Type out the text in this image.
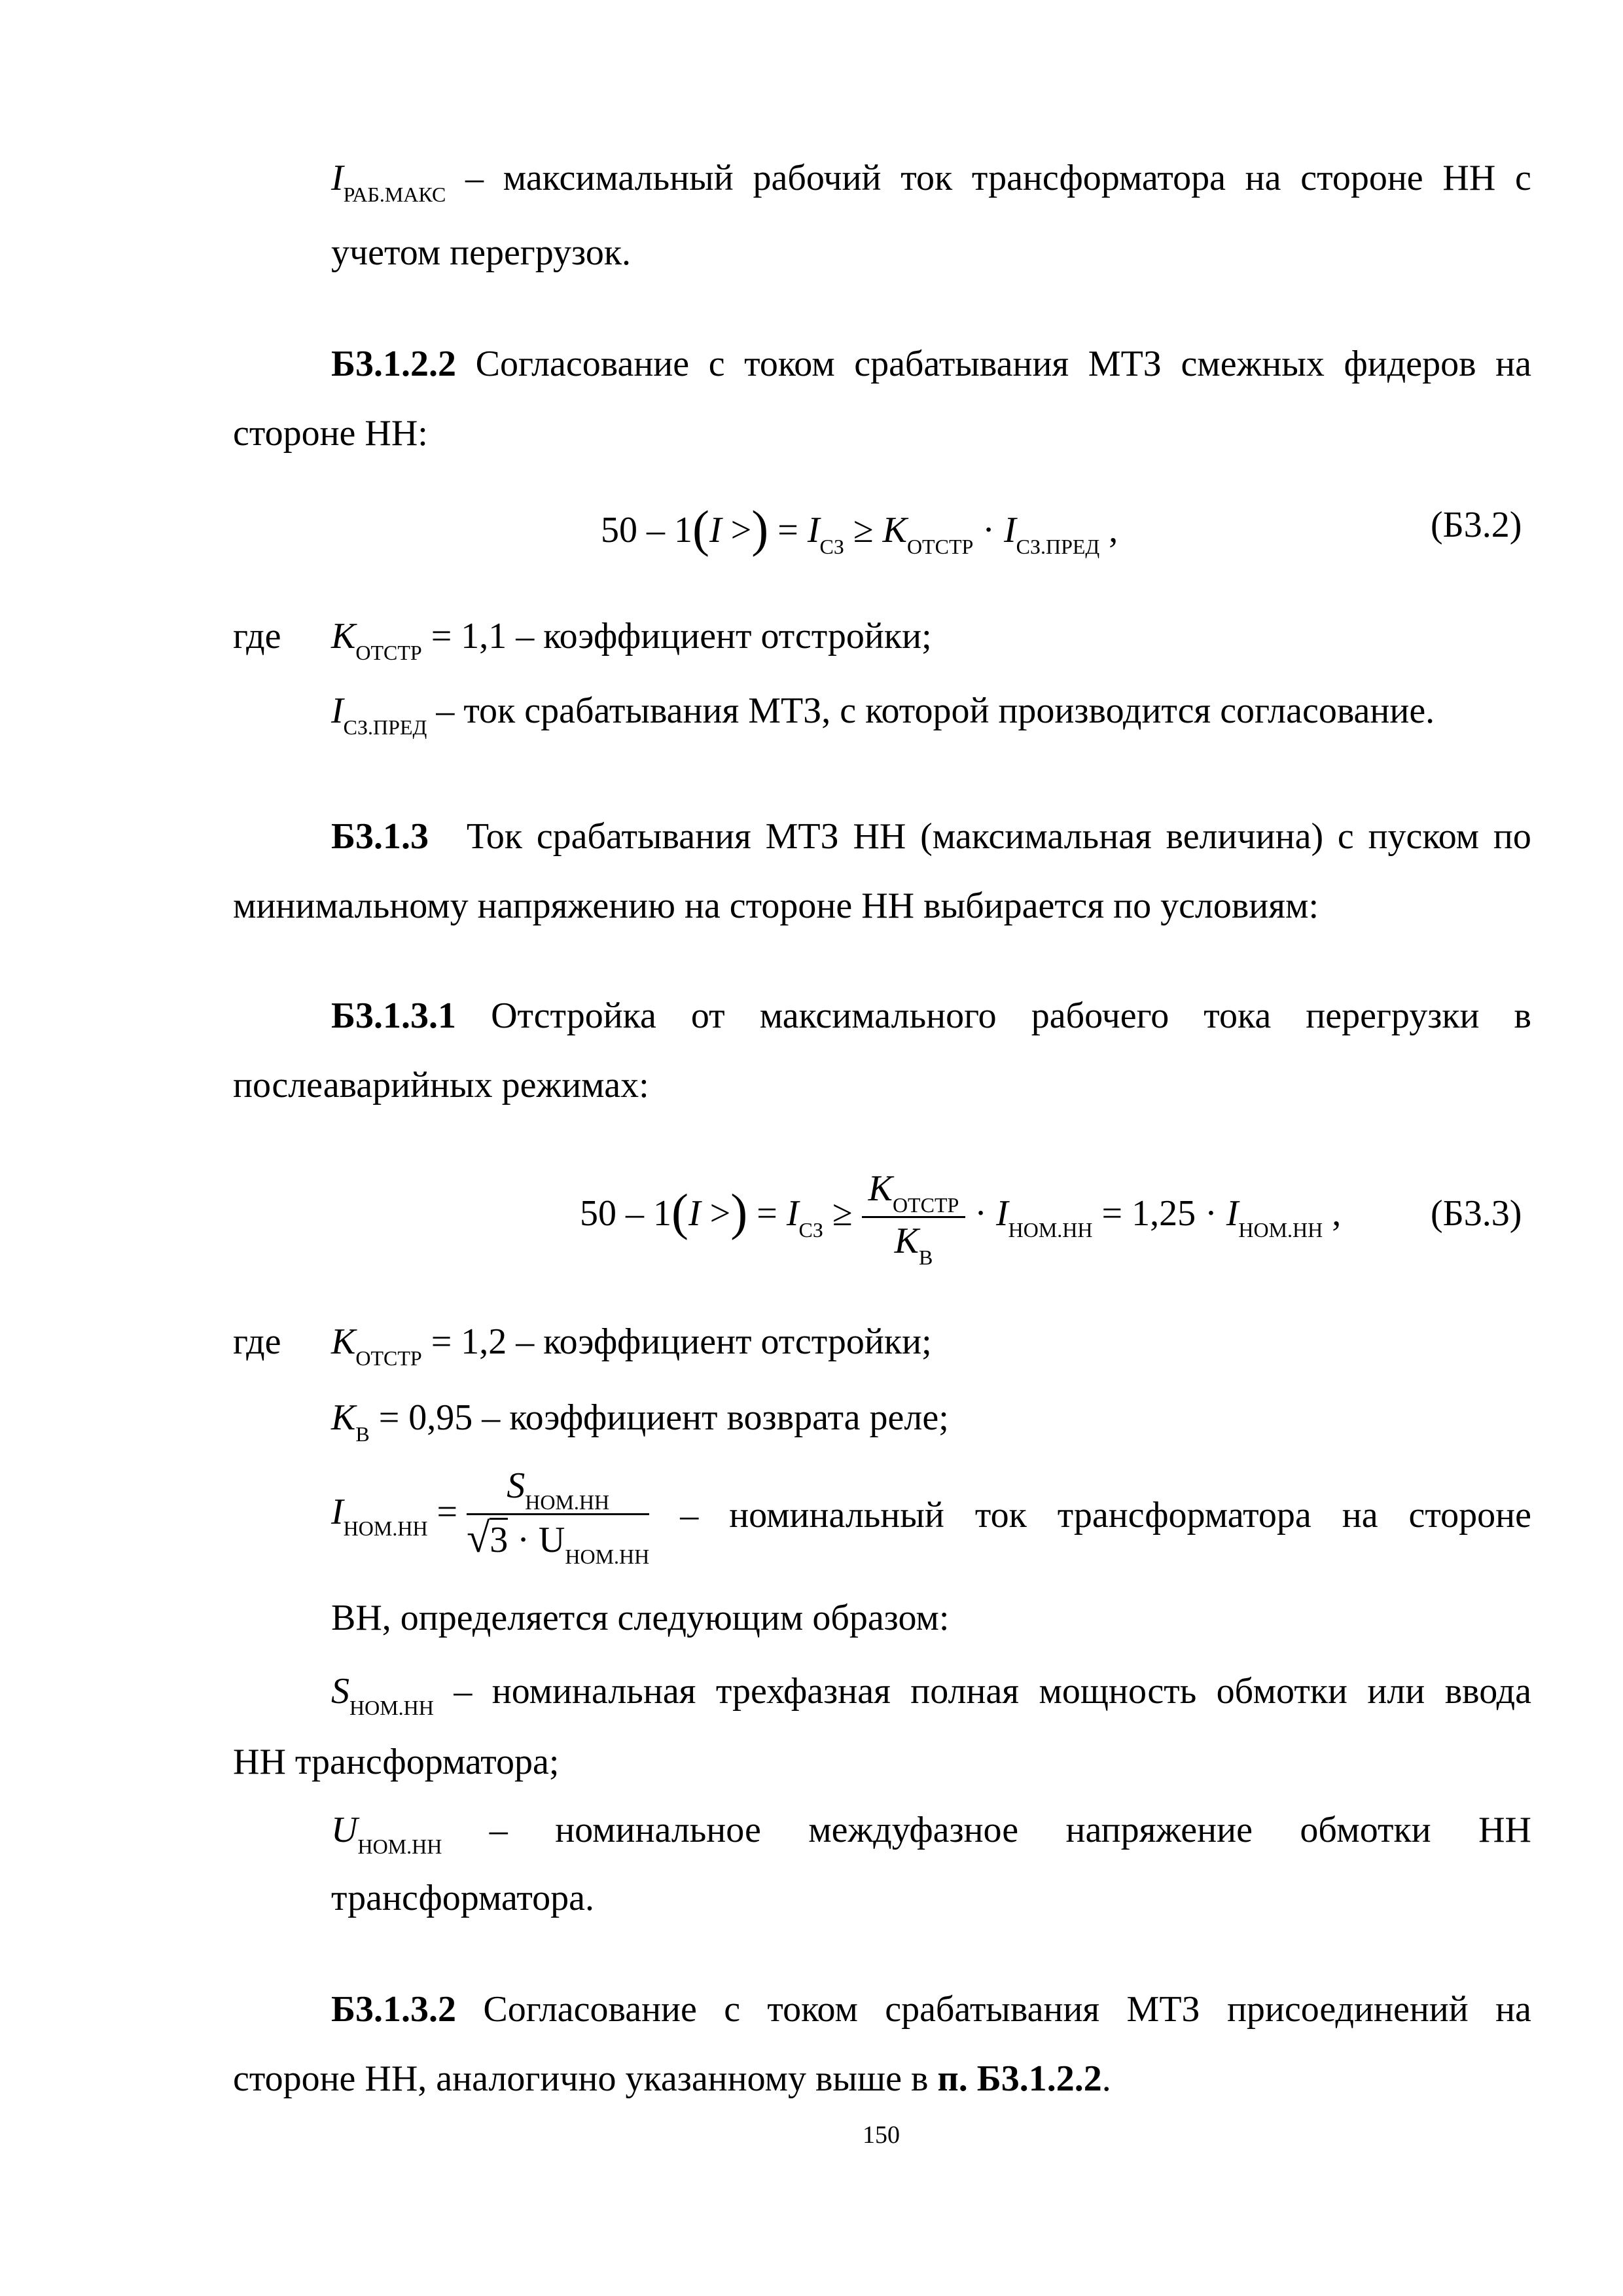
$I_{РАБ.МАКС}$ – максимальный рабочий ток трансформатора на стороне НН с
учетом перегрузок.
Б3.1.2.2 Согласование с током срабатывания МТЗ смежных фидеров на
стороне НН:
50 – 1(I >) = $I_{СЗ} \ge K_{ОТСТР} \cdot I_{СЗ.ПРЕД}$ ,	(Б3.2)
где $K_{ОТСТР} = 1,1$ – коэффициент отстройки;
$I_{СЗ.ПРЕД}$ – ток срабатывания МТЗ, с которой производится согласование.
Б3.1.3 Ток срабатывания МТЗ НН (максимальная величина) с пуском по
минимальному напряжению на стороне НН выбирается по условиям:
Б3.1.3.1 Отстройка от максимального рабочего тока перегрузки в
послеаварийных режимах:
50 – 1(I >) = $I_{СЗ} \ge \frac{K_{ОТСТР}}{K_В} \cdot I_{НОМ.НН} = 1,25 \cdot I_{НОМ.НН}$ , (Б3.3)
где $K_{ОТСТР} = 1,2$ – коэффициент отстройки;
$K_В = 0,95$ – коэффициент возврата реле;
$I_{НОМ.НН} = \frac{S_{НОМ.НН}}{√3 \cdot U_{НОМ.НН}}$ – номинальный ток трансформатора на стороне
ВН, определяется следующим образом:
$S_{НОМ.НН}$ – номинальная трехфазная полная мощность обмотки или ввода
НН трансформатора;
$U_{НОМ.НН}$ – номинальное междуфазное напряжение обмотки НН
трансформатора.
Б3.1.3.2 Согласование с током срабатывания МТЗ присоединений на
стороне НН, аналогично указанному выше в п. Б3.1.2.2.
150
